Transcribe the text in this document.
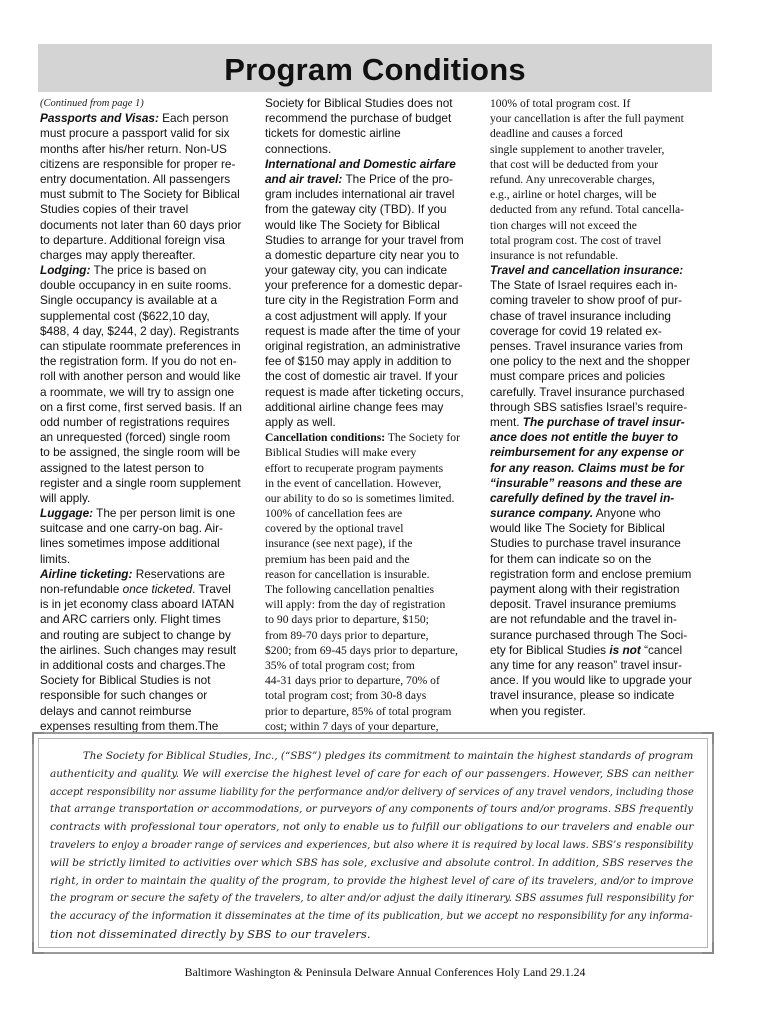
Program Conditions
(Continued from page 1)
Passports and Visas: Each person
must procure a passport valid for six
months after his/her return. Non-US
citizens are responsible for proper re-
entry documentation. All passengers
must submit to The Society for Biblical
Studies copies of their travel
documents not later than 60 days prior
to departure. Additional foreign visa
charges may apply thereafter.
Lodging: The price is based on
double occupancy in en suite rooms.
Single occupancy is available at a
supplemental cost ($622,10 day,
$488, 4 day, $244, 2 day). Registrants
can stipulate roommate preferences in
the registration form. If you do not en-
roll with another person and would like
a roommate, we will try to assign one
on a first come, first served basis. If an
odd number of registrations requires
an unrequested (forced) single room
to be assigned, the single room will be
assigned to the latest person to
register and a single room supplement
will apply.
Luggage: The per person limit is one
suitcase and one carry-on bag. Air-
lines sometimes impose additional
limits.
Airline ticketing: Reservations are
non-refundable once ticketed. Travel
is in jet economy class aboard IATAN
and ARC carriers only. Flight times
and routing are subject to change by
the airlines. Such changes may result
in additional costs and charges.The
Society for Biblical Studies is not
responsible for such changes or
delays and cannot reimburse
expenses resulting from them.The
Society for Biblical Studies does not
recommend the purchase of budget
tickets for domestic airline
connections.
International and Domestic airfare
and air travel: The Price of the pro-
gram includes international air travel
from the gateway city (TBD). If you
would like The Society for Biblical
Studies to arrange for your travel from
a domestic departure city near you to
your gateway city, you can indicate
your preference for a domestic depar-
ture city in the Registration Form and
a cost adjustment will apply. If your
request is made after the time of your
original registration, an administrative
fee of $150 may apply in addition to
the cost of domestic air travel. If your
request is made after ticketing occurs,
additional airline change fees may
apply as well.
Cancellation conditions: The Society for
Biblical Studies will make every
effort to recuperate program payments
in the event of cancellation. However,
our ability to do so is sometimes limited.
100% of cancellation fees are
covered by the optional travel
insurance (see next page), if the
premium has been paid and the
reason for cancellation is insurable.
The following cancellation penalties
will apply: from the day of registration
to 90 days prior to departure, $150;
from 89-70 days prior to departure,
$200; from 69-45 days prior to departure,
35% of total program cost; from
44-31 days prior to departure, 70% of
total program cost; from 30-8 days
prior to departure, 85% of total program
cost; within 7 days of your departure,
100% of total program cost. If
your cancellation is after the full payment
deadline and causes a forced
single supplement to another traveler,
that cost will be deducted from your
refund. Any unrecoverable charges,
e.g., airline or hotel charges, will be
deducted from any refund. Total cancella-
tion charges will not exceed the
total program cost. The cost of travel
insurance is not refundable.
Travel and cancellation insurance:
The State of Israel requires each in-
coming traveler to show proof of pur-
chase of travel insurance including
coverage for covid 19 related ex-
penses. Travel insurance varies from
one policy to the next and the shopper
must compare prices and policies
carefully. Travel insurance purchased
through SBS satisfies Israel’s require-
ment. The purchase of travel insur-
ance does not entitle the buyer to
reimbursement for any expense or
for any reason. Claims must be for
“insurable” reasons and these are
carefully defined by the travel in-
surance company. Anyone who
would like The Society for Biblical
Studies to purchase travel insurance
for them can indicate so on the
registration form and enclose premium
payment along with their registration
deposit. Travel insurance premiums
are not refundable and the travel in-
surance purchased through The Soci-
ety for Biblical Studies is not “cancel
any time for any reason” travel insur-
ance. If you would like to upgrade your
travel insurance, please so indicate
when you register.
The Society for Biblical Studies, Inc., (“SBS”) pledges its commitment to maintain the highest standards of program
authenticity and quality. We will exercise the highest level of care for each of our passengers. However, SBS can neither
accept responsibility nor assume liability for the performance and/or delivery of services of any travel vendors, including those
that arrange transportation or accommodations, or purveyors of any components of tours and/or programs. SBS frequently
contracts with professional tour operators, not only to enable us to fulfill our obligations to our travelers and enable our
travelers to enjoy a broader range of services and experiences, but also where it is required by local laws. SBS’s responsibility
will be strictly limited to activities over which SBS has sole, exclusive and absolute control. In addition, SBS reserves the
right, in order to maintain the quality of the program, to provide the highest level of care of its travelers, and/or to improve
the program or secure the safety of the travelers, to alter and/or adjust the daily itinerary. SBS assumes full responsibility for
the accuracy of the information it disseminates at the time of its publication, but we accept no responsibility for any informa-
tion not disseminated directly by SBS to our travelers.
Baltimore Washington & Peninsula Delware Annual Conferences Holy Land 29.1.24
